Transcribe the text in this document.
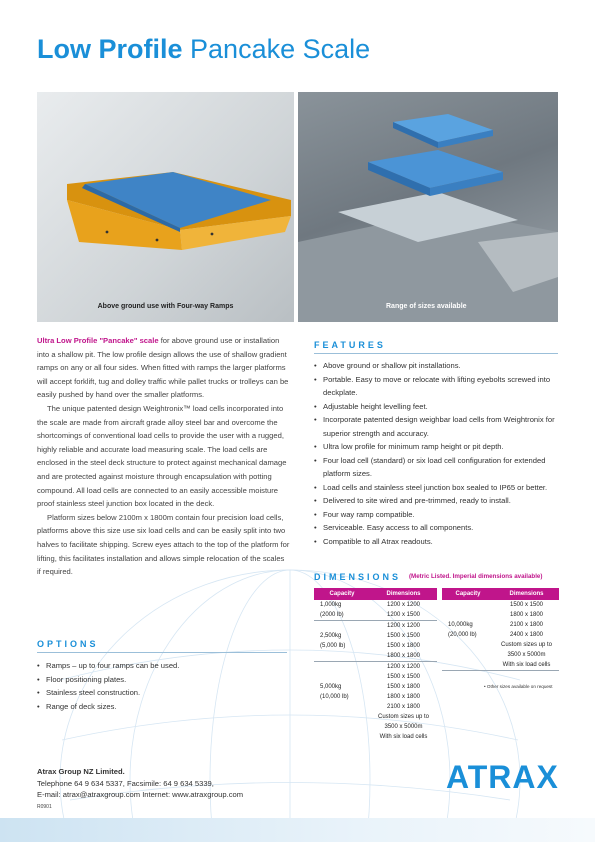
Low Profile Pancake Scale
Above ground use with Four-way Ramps	Range of sizes available

Ultra Low Profile "Pancake" scale for above ground use or installation into a shallow pit. The low profile design allows the use of shallow gradient ramps on any or all four sides. When fitted with ramps the larger platforms will accept forklift, tug and dolley traffic while pallet trucks or trolleys can be easily pushed by hand over the smaller platforms.

The unique patented design Weightronix™ load cells incorporated into the scale are made from aircraft grade alloy steel bar and overcome the shortcomings of conventional load cells to provide the user with a rugged, highly reliable and accurate load measuring scale. The load cells are enclosed in the steel deck structure to protect against mechanical damage and are protected against moisture through encapsulation with potting compound. All load cells are connected to an easily accessible moisture proof stainless steel junction box located in the deck.

Platform sizes below 2100m x 1800m contain four precision load cells, platforms above this size use six load cells and can be easily split into two halves to facilitate shipping. Screw eyes attach to the top of the platform for lifting, this facilitates installation and allows simple relocation of the scales if required.

FEATURES
• Above ground or shallow pit installations.
• Portable. Easy to move or relocate with lifting eyebolts screwed into deckplate.
• Adjustable height levelling feet.
• Incorporate patented design weighbar load cells from Weightronix for superior strength and accuracy.
• Ultra low profile for minimum ramp height or pit depth.
• Four load cell (standard) or six load cell configuration for extended platform sizes.
• Load cells and stainless steel junction box sealed to IP65 or better.
• Delivered to site wired and pre-trimmed, ready to install.
• Four way ramp compatible.
• Serviceable. Easy access to all components.
• Compatible to all Atrax readouts.
OPTIONS
• Ramps – up to four ramps can be used.
• Floor positioning plates.
• Stainless steel construction.
• Range of deck sizes.
DIMENSIONS (Metric Listed. Imperial dimensions available)
Capacity	Dimensions
1,000kg	1200 x 1200
(2000 lb)	1200 x 1500
	1200 x 1200
2,500kg	1500 x 1500
(5,000 lb)	1500 x 1800
	1800 x 1800
	1200 x 1200
	1500 x 1500
5,000kg	1500 x 1800
(10,000 lb)	1800 x 1800
	2100 x 1800
	Custom sizes up to
	3500 x 5000m
	With six load cells
Capacity	Dimensions
	1500 x 1500
	1800 x 1800
10,000kg	2100 x 1800
(20,000 lb)	2400 x 1800
	Custom sizes up to
	3500 x 5000m
	With six load cells
• Other sizes available on request
Atrax Group NZ Limited.
Telephone 64 9 634 5337, Facsimile: 64 9 634 5339,
E-mail: atrax@atraxgroup.com Internet: www.atraxgroup.com
R0901
ATRAX
